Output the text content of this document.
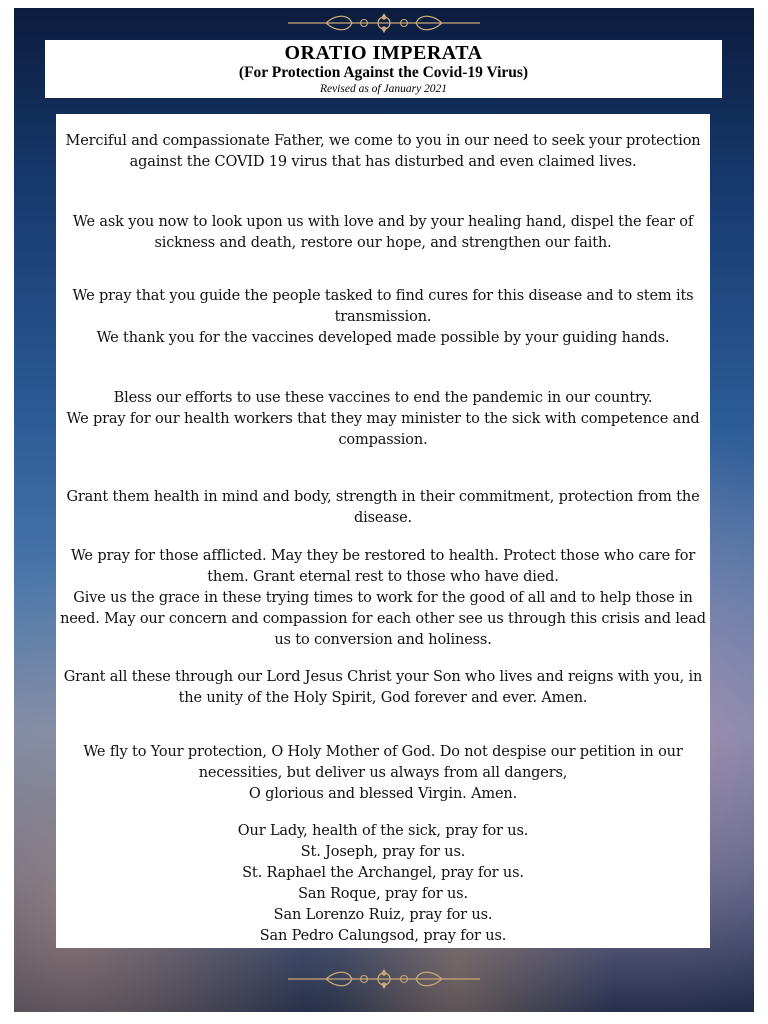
ORATIO IMPERATA
(For Protection Against the Covid-19 Virus)
Revised as of January 2021

Merciful and compassionate Father, we come to you in our need to seek your protection against the COVID 19 virus that has disturbed and even claimed lives.

We ask you now to look upon us with love and by your healing hand, dispel the fear of sickness and death, restore our hope, and strengthen our faith.

We pray that you guide the people tasked to find cures for this disease and to stem its transmission.

We thank you for the vaccines developed made possible by your guiding hands.

Bless our efforts to use these vaccines to end the pandemic in our country.

We pray for our health workers that they may minister to the sick with competence and compassion.

Grant them health in mind and body, strength in their commitment, protection from the disease.

We pray for those afflicted. May they be restored to health. Protect those who care for them. Grant eternal rest to those who have died.

Give us the grace in these trying times to work for the good of all and to help those in need. May our concern and compassion for each other see us through this crisis and lead us to conversion and holiness.

Grant all these through our Lord Jesus Christ your Son who lives and reigns with you, in the unity of the Holy Spirit, God forever and ever. Amen.

We fly to Your protection, O Holy Mother of God. Do not despise our petition in our necessities, but deliver us always from all dangers,

O glorious and blessed Virgin. Amen.

Our Lady, health of the sick, pray for us.

St. Joseph, pray for us.

St. Raphael the Archangel, pray for us.

San Roque, pray for us.

San Lorenzo Ruiz, pray for us.

San Pedro Calungsod, pray for us.
